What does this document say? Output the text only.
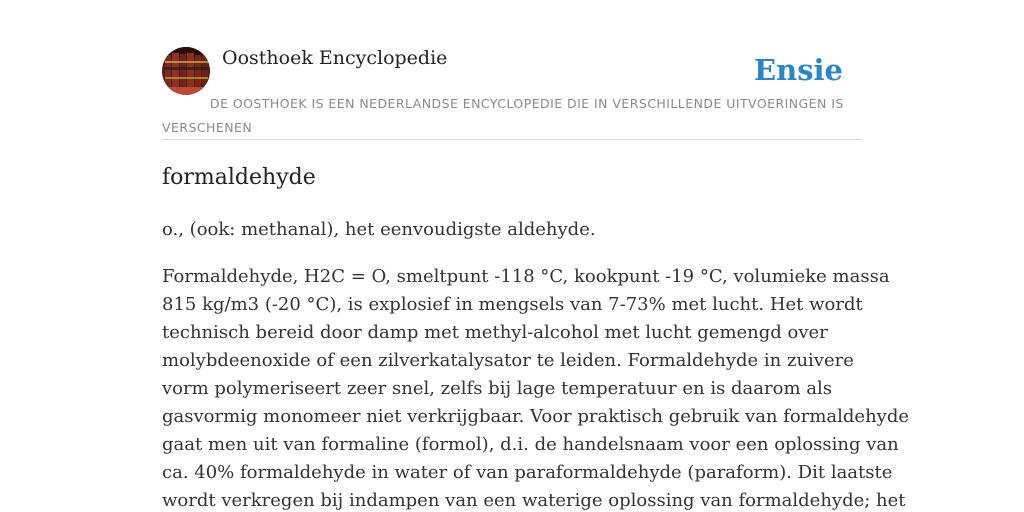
Oosthoek Encyclopedie	Ensie
DE OOSTHOEK IS EEN NEDERLANDSE ENCYCLOPEDIE DIE IN VERSCHILLENDE UITVOERINGEN IS VERSCHENEN
formaldehyde

o., (ook: methanal), het eenvoudigste aldehyde.

Formaldehyde, H2C = O, smeltpunt -118 °C, kookpunt -19 °C, volumieke massa
815 kg/m3 (-20 °C), is explosief in mengsels van 7-73% met lucht. Het wordt
technisch bereid door damp met methyl-alcohol met lucht gemengd over
molybdeenoxide of een zilverkatalysator te leiden. Formaldehyde in zuivere
vorm polymeriseert zeer snel, zelfs bij lage temperatuur en is daarom als
gasvormig monomeer niet verkrijgbaar. Voor praktisch gebruik van formaldehyde
gaat men uit van formaline (formol), d.i. de handelsnaam voor een oplossing van
ca. 40% formaldehyde in water of van paraformaldehyde (paraform). Dit laatste
wordt verkregen bij indampen van een waterige oplossing van formaldehyde; het
